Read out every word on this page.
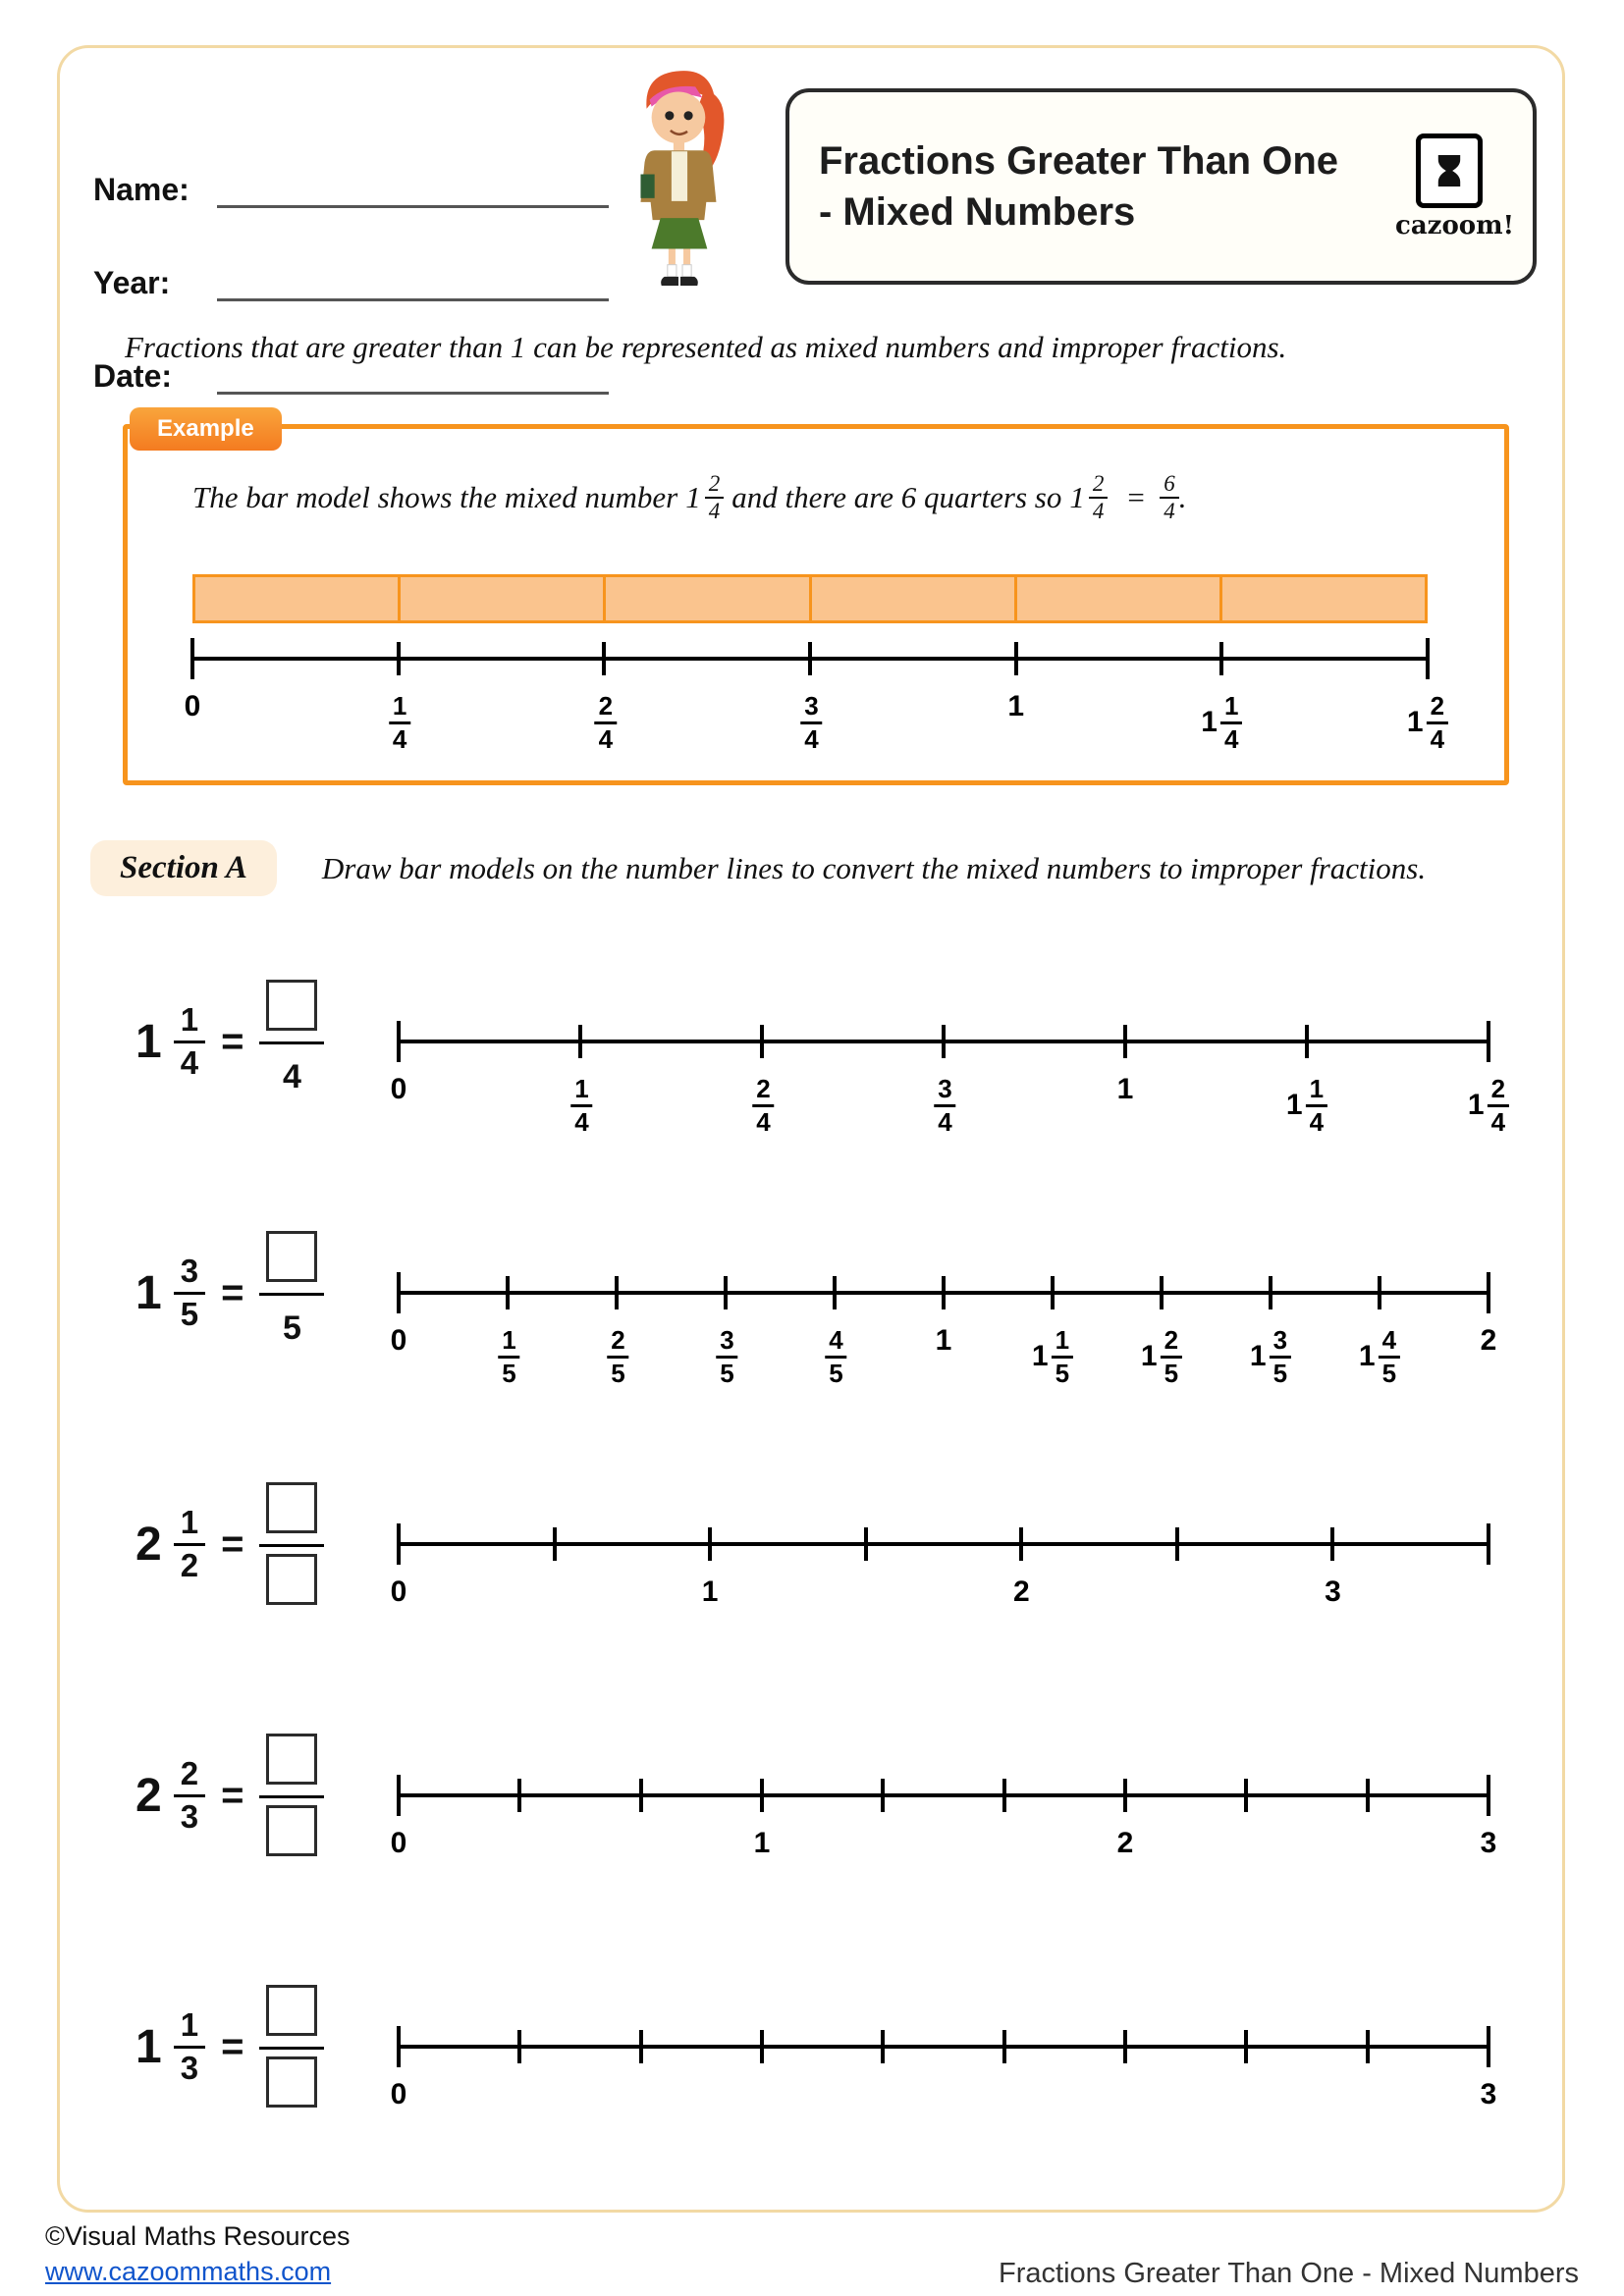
Name:
Year:
Date:
Fractions Greater Than One
- Mixed Numbers	cazoom!
Fractions that are greater than 1 can be represented as mixed numbers and improper fractions.
Example
The bar model shows the mixed number $1 \frac{2}{4}$ and there are 6 quarters so $1 \frac{2}{4} = \frac{6}{4}$ .
0	$\frac{1}{4}$	$\frac{2}{4}$	$\frac{3}{4}$	1	$1 \frac{1}{4}$	$1 \frac{2}{4}$
Section A	Draw bar models on the number lines to convert the mixed numbers to improper fractions.
$1 \frac{1}{4}$ =
4	0	$\frac{1}{4}$	$\frac{2}{4}$	$\frac{3}{4}$	1	$1 \frac{1}{4}$	$1 \frac{2}{4}$
$1 \frac{3}{5}$ =
5	0	$\frac{1}{5}$	$\frac{2}{5}$	$\frac{3}{5}$	$\frac{4}{5}$	1	$1 \frac{1}{5} 1 \frac{2}{5} 1 \frac{3}{5} 1 \frac{4}{5}$	2
$2 \frac{1}{2}$ =
0	1	2	3
$2 \frac{2}{3}$ =
0	1	2	3
$1 \frac{1}{3}$ =
0	3
©Visual Maths Resources
www.cazoommaths.com	Fractions Greater Than One - Mixed Numbers
